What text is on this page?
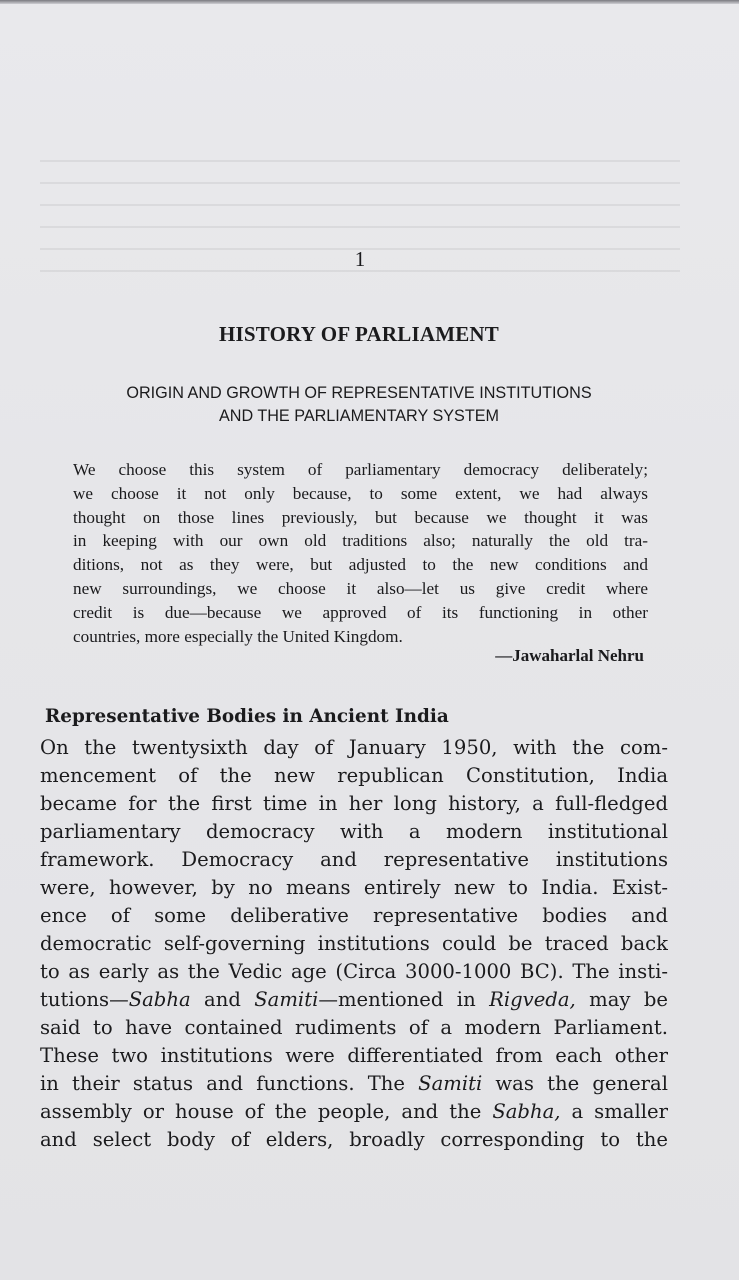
1
HISTORY OF PARLIAMENT
ORIGIN AND GROWTH OF REPRESENTATIVE INSTITUTIONS
AND THE PARLIAMENTARY SYSTEM
We choose this system of parliamentary democracy deliberately;
we choose it not only because, to some extent, we had always
thought on those lines previously, but because we thought it was
in keeping with our own old traditions also; naturally the old tra-
ditions, not as they were, but adjusted to the new conditions and
new surroundings, we choose it also—let us give credit where
credit is due—because we approved of its functioning in other
countries, more especially the United Kingdom.
—Jawaharlal Nehru
Representative Bodies in Ancient India
On the twentysixth day of January 1950, with the com-
mencement of the new republican Constitution, India
became for the first time in her long history, a full-fledged
parliamentary democracy with a modern institutional
framework. Democracy and representative institutions
were, however, by no means entirely new to India. Exist-
ence of some deliberative representative bodies and
democratic self-governing institutions could be traced back
to as early as the Vedic age (Circa 3000-1000 BC). The insti-
tutions—Sabha and Samiti—mentioned in Rigveda, may be
said to have contained rudiments of a modern Parliament.
These two institutions were differentiated from each other
in their status and functions. The Samiti was the general
assembly or house of the people, and the Sabha, a smaller
and select body of elders, broadly corresponding to the
